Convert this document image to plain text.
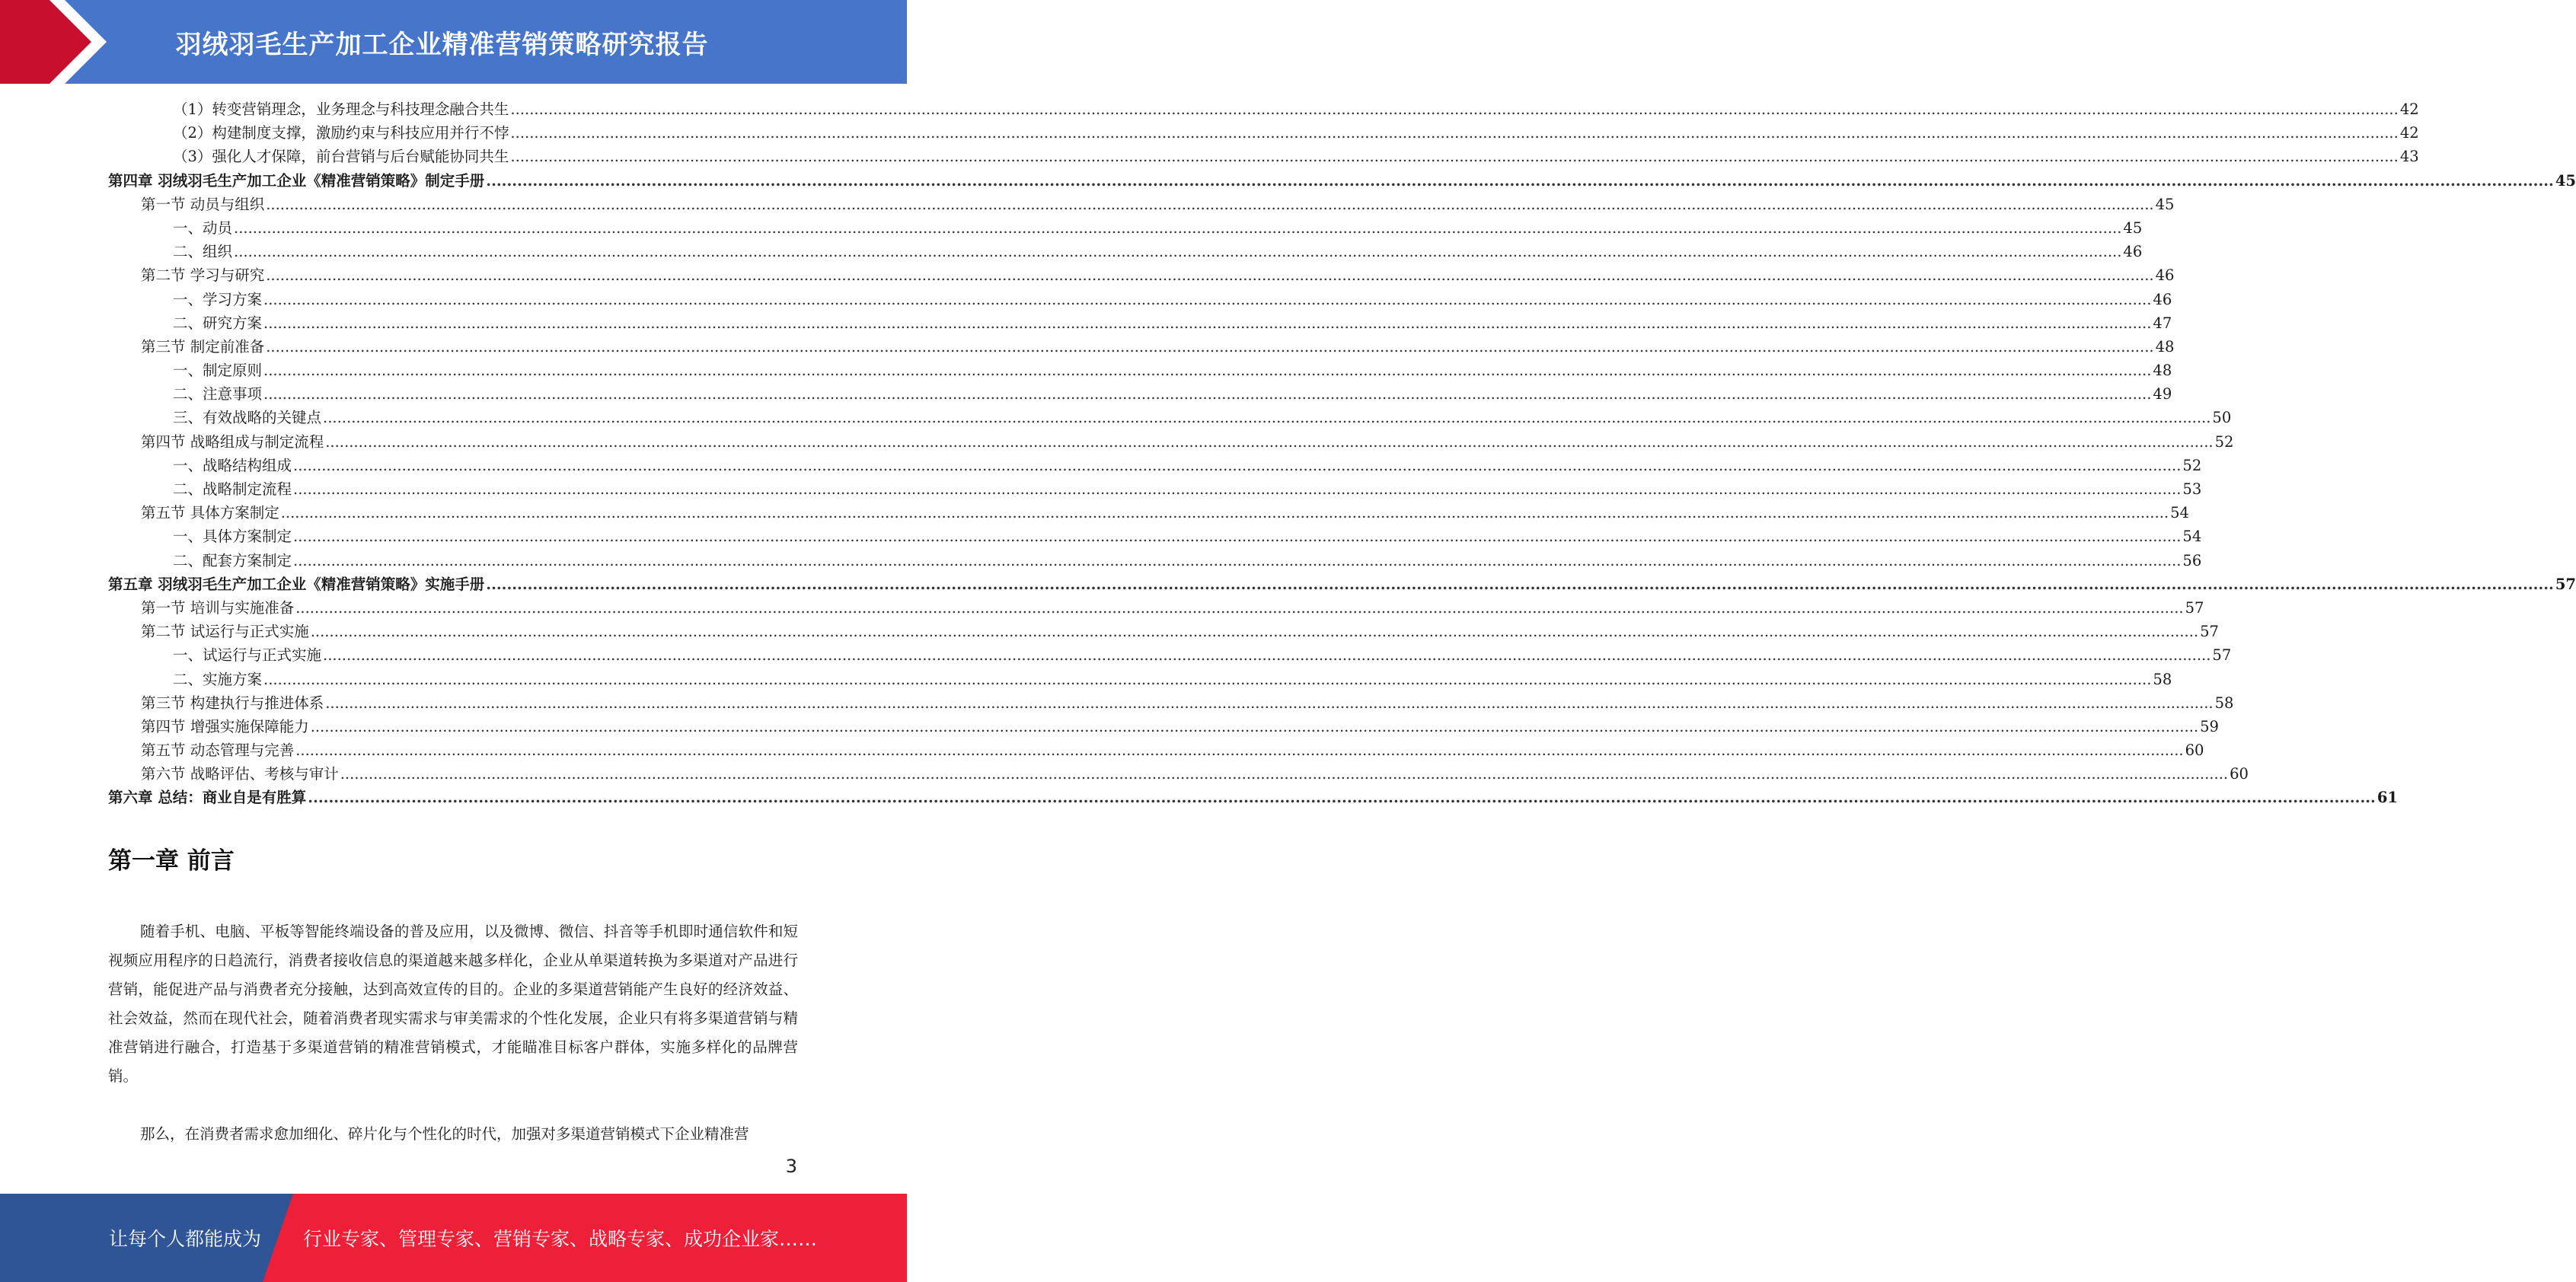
羽绒羽毛生产加工企业精准营销策略研究报告
（1）转变营销理念，业务理念与科技理念融合共生 ................................................................................................................................................................................................................................................................................................................................................................................................................ 42
（2）构建制度支撑，激励约束与科技应用并行不悖 ................................................................................................................................................................................................................................................................................................................................................................................................................ 42
（3）强化人才保障，前台营销与后台赋能协同共生 ................................................................................................................................................................................................................................................................................................................................................................................................................ 43
第四章 羽绒羽毛生产加工企业《精准营销策略》制定手册 ................................................................................................................................................................................................................................................................................................................................................................................................................ 45
第一节 动员与组织 ................................................................................................................................................................................................................................................................................................................................................................................................................ 45
一、动员 ................................................................................................................................................................................................................................................................................................................................................................................................................ 45
二、组织 ................................................................................................................................................................................................................................................................................................................................................................................................................ 46
第二节 学习与研究 ................................................................................................................................................................................................................................................................................................................................................................................................................ 46
一、学习方案 ................................................................................................................................................................................................................................................................................................................................................................................................................ 46
二、研究方案 ................................................................................................................................................................................................................................................................................................................................................................................................................ 47
第三节 制定前准备 ................................................................................................................................................................................................................................................................................................................................................................................................................ 48
一、制定原则 ................................................................................................................................................................................................................................................................................................................................................................................................................ 48
二、注意事项 ................................................................................................................................................................................................................................................................................................................................................................................................................ 49
三、有效战略的关键点 ................................................................................................................................................................................................................................................................................................................................................................................................................ 50
第四节 战略组成与制定流程 ................................................................................................................................................................................................................................................................................................................................................................................................................ 52
一、战略结构组成 ................................................................................................................................................................................................................................................................................................................................................................................................................ 52
二、战略制定流程 ................................................................................................................................................................................................................................................................................................................................................................................................................ 53
第五节 具体方案制定 ................................................................................................................................................................................................................................................................................................................................................................................................................ 54
一、具体方案制定 ................................................................................................................................................................................................................................................................................................................................................................................................................ 54
二、配套方案制定 ................................................................................................................................................................................................................................................................................................................................................................................................................ 56
第五章 羽绒羽毛生产加工企业《精准营销策略》实施手册 ................................................................................................................................................................................................................................................................................................................................................................................................................ 57
第一节 培训与实施准备 ................................................................................................................................................................................................................................................................................................................................................................................................................ 57
第二节 试运行与正式实施 ................................................................................................................................................................................................................................................................................................................................................................................................................ 57
一、试运行与正式实施 ................................................................................................................................................................................................................................................................................................................................................................................................................ 57
二、实施方案 ................................................................................................................................................................................................................................................................................................................................................................................................................ 58
第三节 构建执行与推进体系 ................................................................................................................................................................................................................................................................................................................................................................................................................ 58
第四节 增强实施保障能力 ................................................................................................................................................................................................................................................................................................................................................................................................................ 59
第五节 动态管理与完善 ................................................................................................................................................................................................................................................................................................................................................................................................................ 60
第六节 战略评估、考核与审计 ................................................................................................................................................................................................................................................................................................................................................................................................................ 60
第六章 总结：商业自是有胜算 ................................................................................................................................................................................................................................................................................................................................................................................................................ 61
第一章 前言

随着手机、电脑、平板等智能终端设备的普及应用，以及微博、微信、抖音等手机即时通信软件和短视频应用程序的日趋流行，消费者接收信息的渠道越来越多样化，企业从单渠道转换为多渠道对产品进行营销，能促进产品与消费者充分接触，达到高效宣传的目的。企业的多渠道营销能产生良好的经济效益、社会效益，然而在现代社会，随着消费者现实需求与审美需求的个性化发展，企业只有将多渠道营销与精准营销进行融合，打造基于多渠道营销的精准营销模式，才能瞄准目标客户群体，实施多样化的品牌营销。

那么，在消费者需求愈加细化、碎片化与个性化的时代，加强对多渠道营销模式下企业精准营

3
让每个人都能成为 行业专家、管理专家、营销专家、战略专家、成功企业家……
